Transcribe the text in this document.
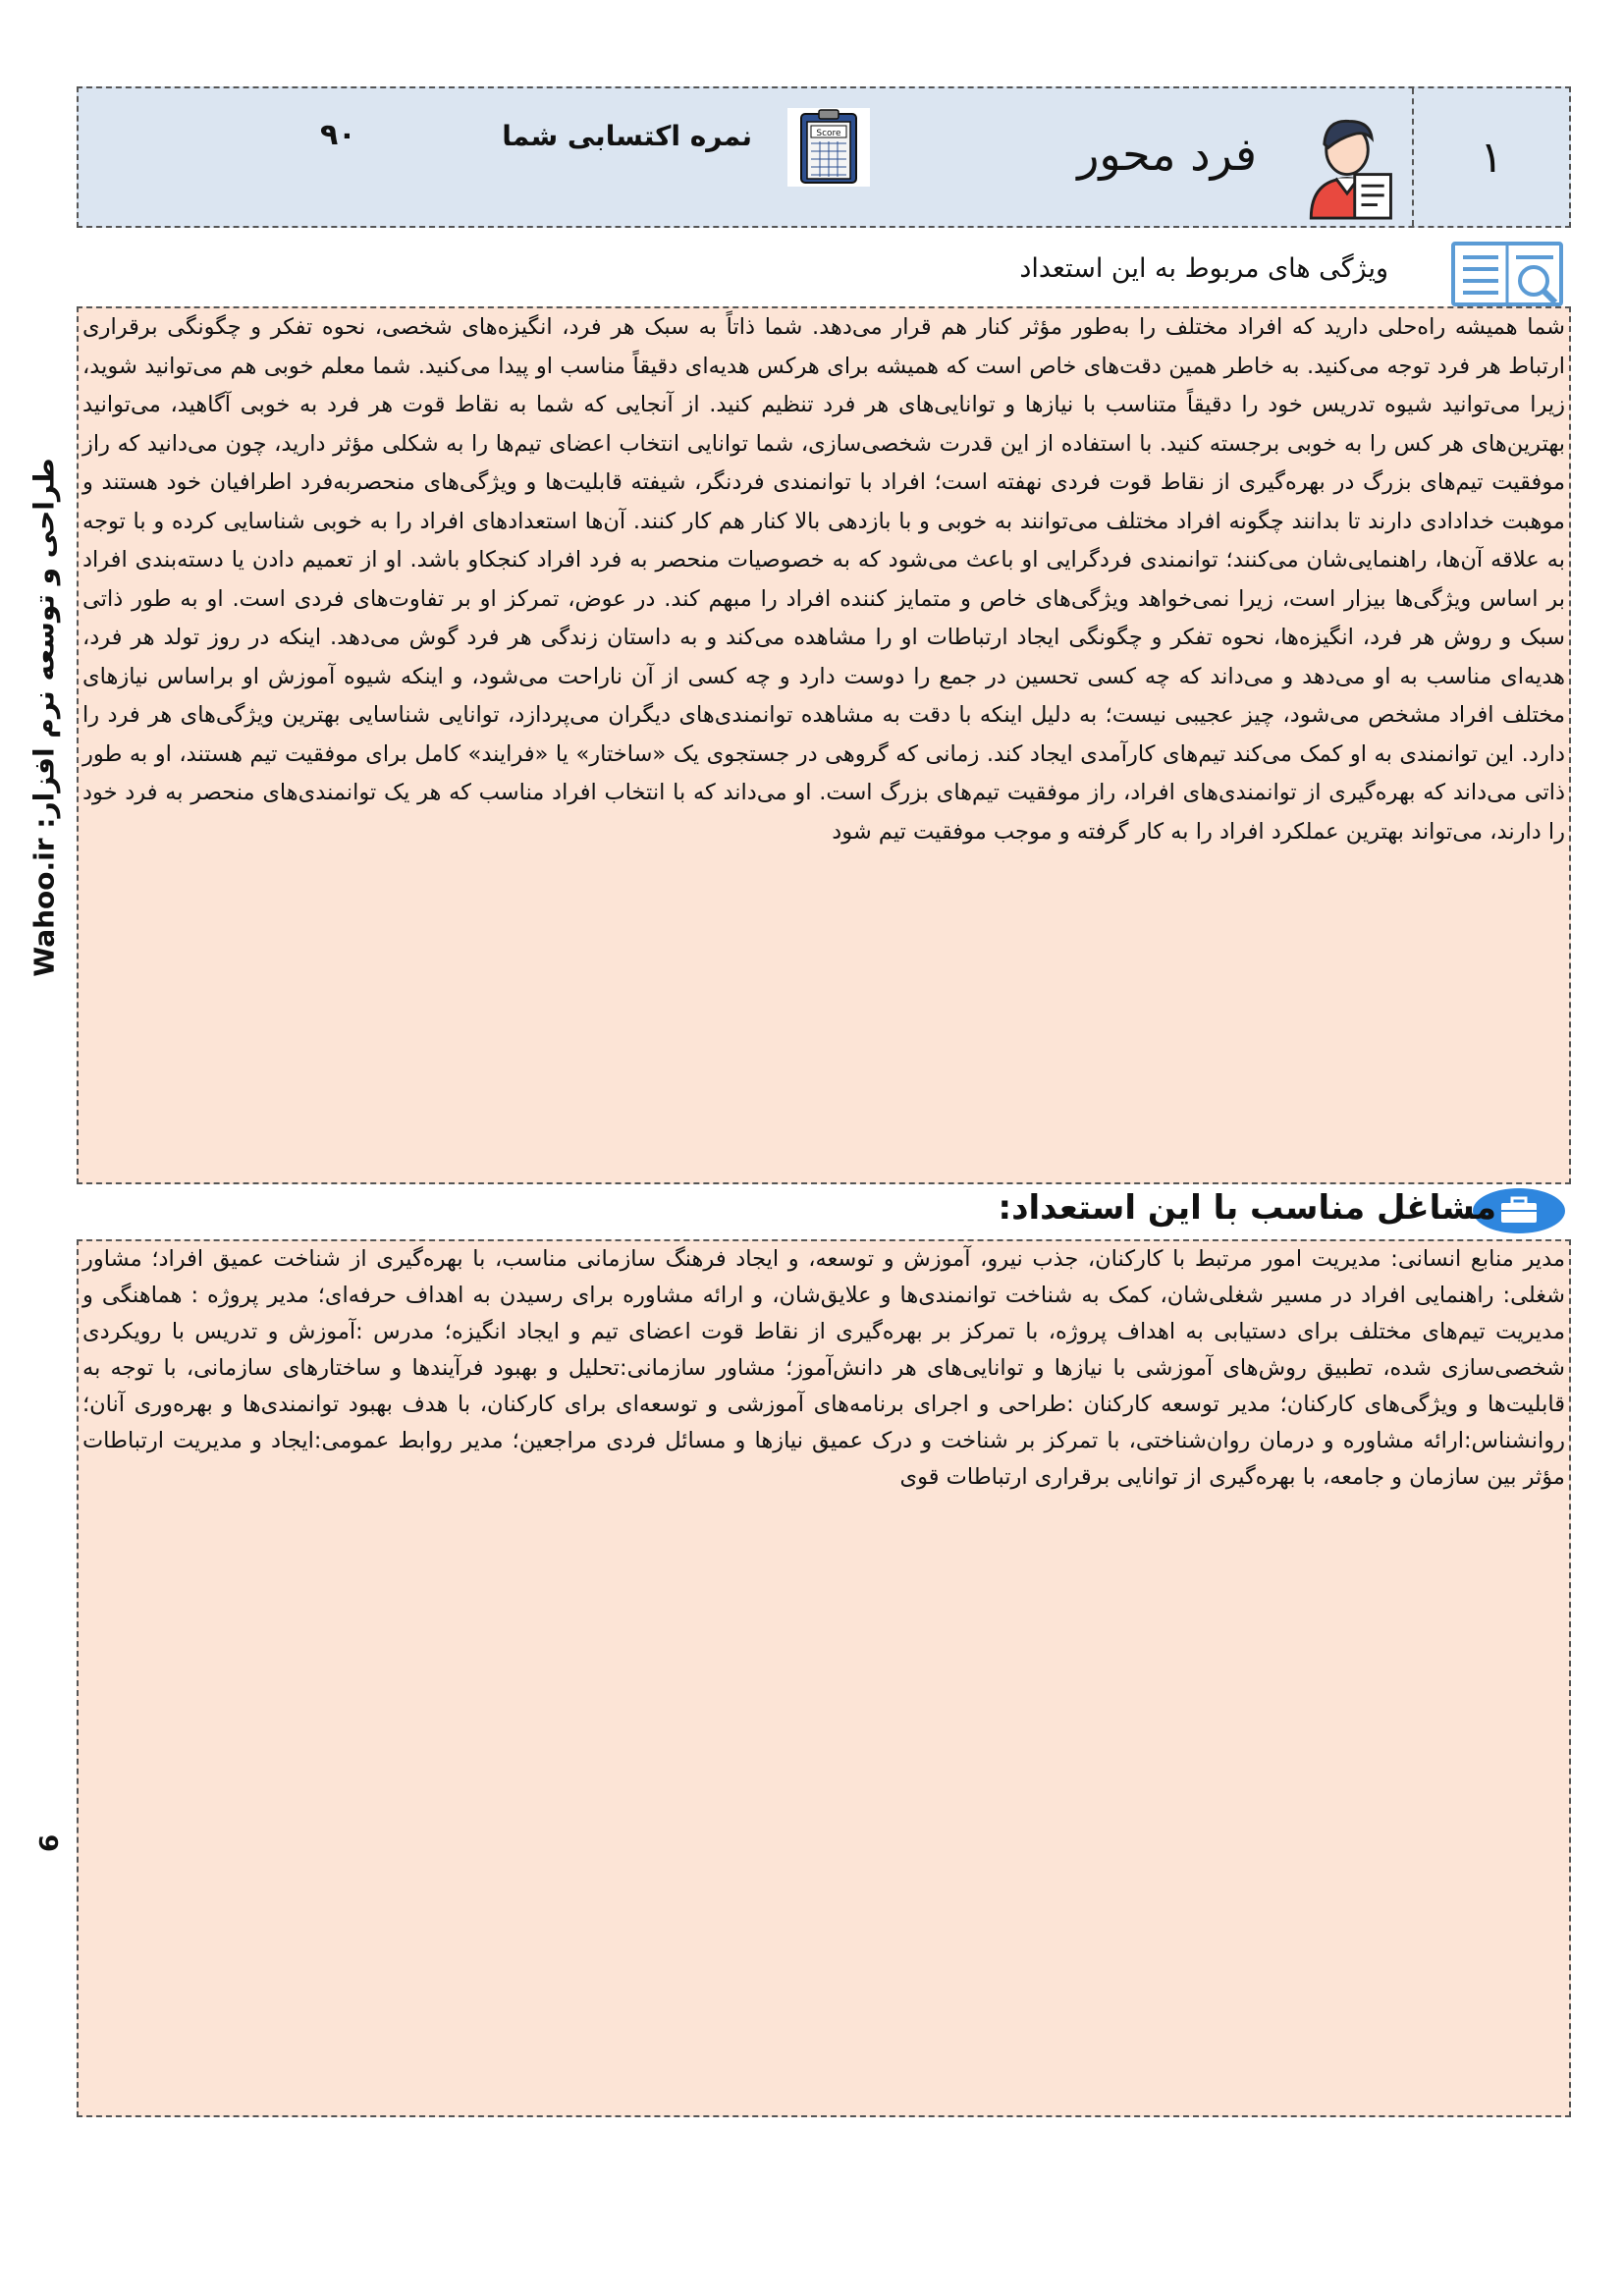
۱
فرد محور
Score
نمره اکتسابی شما
۹۰
ویژگی های مربوط به این استعداد

شما همیشه راه‌حلی دارید که افراد مختلف را به‌طور مؤثر کنار هم قرار می‌دهد. شما ذاتاً به سبک هر فرد، انگیزه‌های شخصی، نحوه تفکر و چگونگی برقراری ارتباط هر فرد توجه می‌کنید. به خاطر همین دقت‌های خاص است که همیشه برای هرکس هدیه‌ای دقیقاً مناسب او پیدا می‌کنید. شما معلم خوبی هم می‌توانید شوید، زیرا می‌توانید شیوه تدریس خود را دقیقاً متناسب با نیازها و توانایی‌های هر فرد تنظیم کنید. از آنجایی که شما به نقاط قوت هر فرد به خوبی آگاهید، می‌توانید بهترین‌های هر کس را به خوبی برجسته کنید. با استفاده از این قدرت شخصی‌سازی، شما توانایی انتخاب اعضای تیم‌ها را به شکلی مؤثر دارید، چون می‌دانید که راز موفقیت تیم‌های بزرگ در بهره‌گیری از نقاط قوت فردی نهفته است؛ افراد با توانمندی فردنگر، شیفته قابلیت‌ها و ویژگی‌های منحصربه‌فرد اطرافیان خود هستند و موهبت خدادادی دارند تا بدانند چگونه افراد مختلف می‌توانند به خوبی و با بازدهی بالا کنار هم کار کنند. آن‌ها استعدادهای افراد را به خوبی شناسایی کرده و با توجه به علاقه آن‌ها، راهنمایی‌شان می‌کنند؛ توانمندی فردگرایی او باعث می‌شود که به خصوصیات منحصر به فرد افراد کنجکاو باشد. او از تعمیم دادن یا دسته‌بندی افراد بر اساس ویژگی‌ها بیزار است، زیرا نمی‌خواهد ویژگی‌های خاص و متمایز کننده افراد را مبهم کند. در عوض، تمرکز او بر تفاوت‌های فردی است. او به طور ذاتی سبک و روش هر فرد، انگیزه‌ها، نحوه تفکر و چگونگی ایجاد ارتباطات او را مشاهده می‌کند و به داستان زندگی هر فرد گوش می‌دهد. اینکه در روز تولد هر فرد، هدیه‌ای مناسب به او می‌دهد و می‌داند که چه کسی تحسین در جمع را دوست دارد و چه کسی از آن ناراحت می‌شود، و اینکه شیوه آموزش او براساس نیازهای مختلف افراد مشخص می‌شود، چیز عجیبی نیست؛ به دلیل اینکه با دقت به مشاهده توانمندی‌های دیگران می‌پردازد، توانایی شناسایی بهترین ویژگی‌های هر فرد را دارد. این توانمندی به او کمک می‌کند تیم‌های کارآمدی ایجاد کند. زمانی که گروهی در جستجوی یک «ساختار» یا «فرایند» کامل برای موفقیت تیم هستند، او به طور ذاتی می‌داند که بهره‌گیری از توانمندی‌های افراد، راز موفقیت تیم‌های بزرگ است. او می‌داند که با انتخاب افراد مناسب که هر یک توانمندی‌های منحصر به فرد خود را دارند، می‌تواند بهترین عملکرد افراد را به کار گرفته و موجب موفقیت تیم شود

طراحی و توسعه نرم افزار: Wahoo.ir
6
مشاغل مناسب با این استعداد:

مدیر منابع انسانی: مدیریت امور مرتبط با کارکنان، جذب نیرو، آموزش و توسعه، و ایجاد فرهنگ سازمانی مناسب، با بهره‌گیری از شناخت عمیق افراد؛ مشاور شغلی: راهنمایی افراد در مسیر شغلی‌شان، کمک به شناخت توانمندی‌ها و علایق‌شان، و ارائه مشاوره برای رسیدن به اهداف حرفه‌ای؛ مدیر پروژه : هماهنگی و مدیریت تیم‌های مختلف برای دستیابی به اهداف پروژه، با تمرکز بر بهره‌گیری از نقاط قوت اعضای تیم و ایجاد انگیزه؛ مدرس :آموزش و تدریس با رویکردی شخصی‌سازی شده، تطبیق روش‌های آموزشی با نیازها و توانایی‌های هر دانش‌آموز؛ مشاور سازمانی:تحلیل و بهبود فرآیندها و ساختارهای سازمانی، با توجه به قابلیت‌ها و ویژگی‌های کارکنان؛ مدیر توسعه کارکنان :طراحی و اجرای برنامه‌های آموزشی و توسعه‌ای برای کارکنان، با هدف بهبود توانمندی‌ها و بهره‌وری آنان؛ روانشناس:ارائه مشاوره و درمان روان‌شناختی، با تمرکز بر شناخت و درک عمیق نیازها و مسائل فردی مراجعین؛ مدیر روابط عمومی:ایجاد و مدیریت ارتباطات مؤثر بین سازمان و جامعه، با بهره‌گیری از توانایی برقراری ارتباطات قوی
